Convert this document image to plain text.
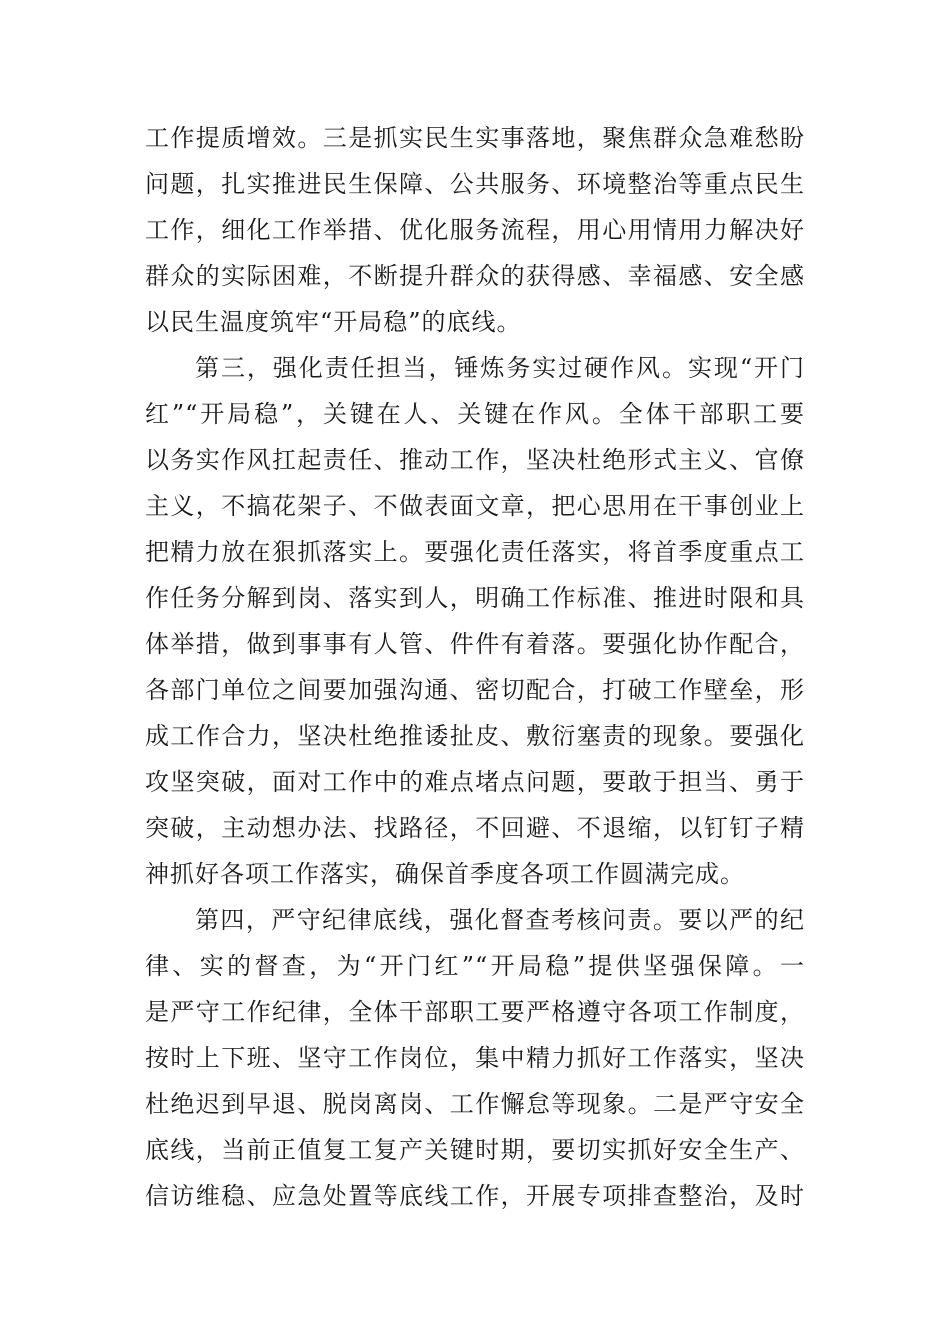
工作提质增效。三是抓实民生实事落地，聚焦群众急难愁盼
问题，扎实推进民生保障、公共服务、环境整治等重点民生
工作，细化工作举措、优化服务流程，用心用情用力解决好
群众的实际困难，不断提升群众的获得感、幸福感、安全感
以民生温度筑牢“开局稳”的底线。
第三，强化责任担当，锤炼务实过硬作风。实现“开门
红”“开局稳”，关键在人、关键在作风。全体干部职工要
以务实作风扛起责任、推动工作，坚决杜绝形式主义、官僚
主义，不搞花架子、不做表面文章，把心思用在干事创业上
把精力放在狠抓落实上。要强化责任落实，将首季度重点工
作任务分解到岗、落实到人，明确工作标准、推进时限和具
体举措，做到事事有人管、件件有着落。要强化协作配合，
各部门单位之间要加强沟通、密切配合，打破工作壁垒，形
成工作合力，坚决杜绝推诿扯皮、敷衍塞责的现象。要强化
攻坚突破，面对工作中的难点堵点问题，要敢于担当、勇于
突破，主动想办法、找路径，不回避、不退缩，以钉钉子精
神抓好各项工作落实，确保首季度各项工作圆满完成。
第四，严守纪律底线，强化督查考核问责。要以严的纪
律、实的督查，为“开门红”“开局稳”提供坚强保障。一
是严守工作纪律，全体干部职工要严格遵守各项工作制度，
按时上下班、坚守工作岗位，集中精力抓好工作落实，坚决
杜绝迟到早退、脱岗离岗、工作懈怠等现象。二是严守安全
底线，当前正值复工复产关键时期，要切实抓好安全生产、
信访维稳、应急处置等底线工作，开展专项排查整治，及时
